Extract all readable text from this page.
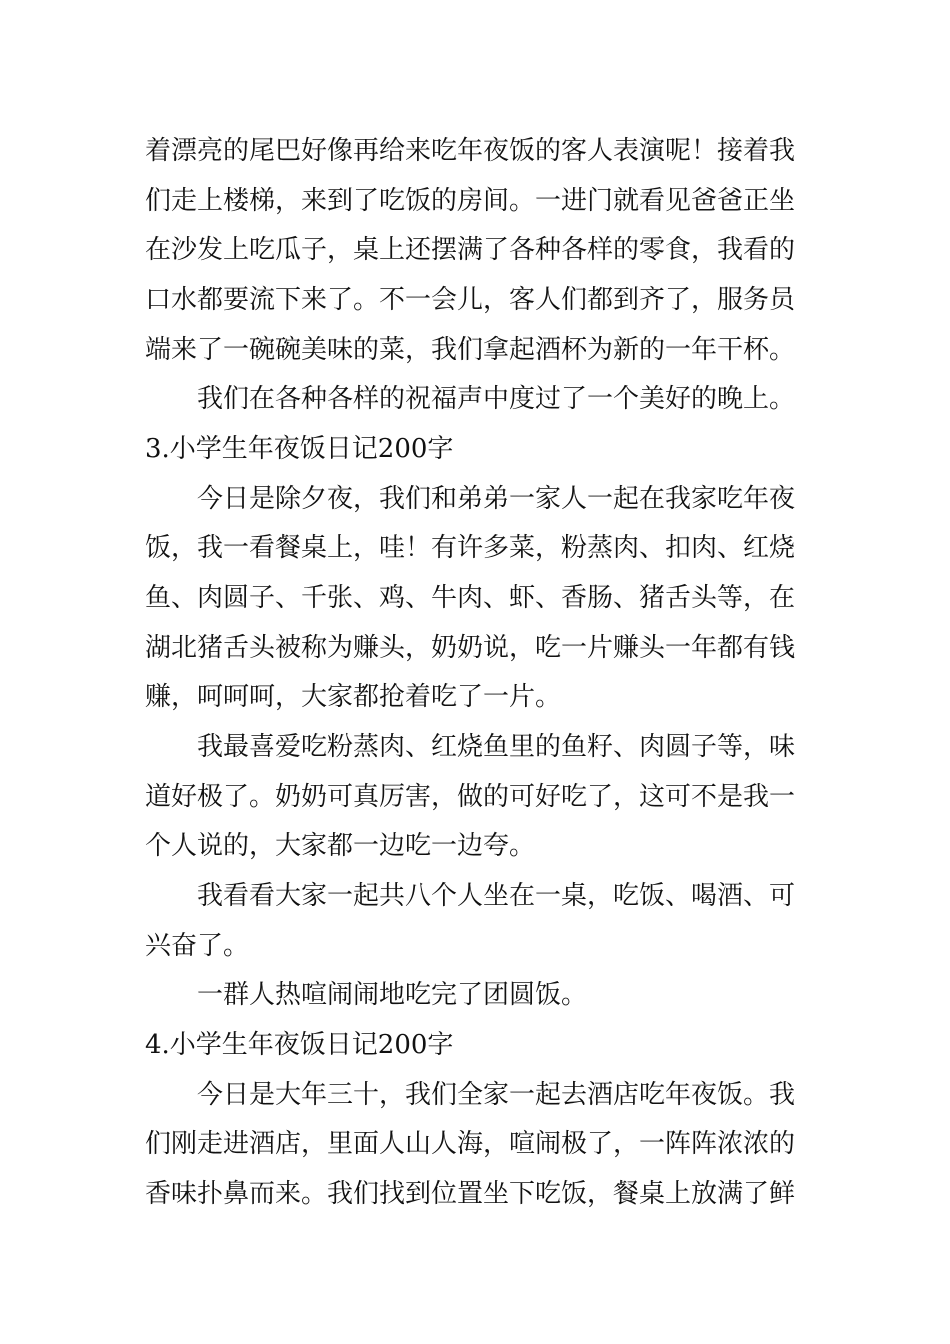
着漂亮的尾巴好像再给来吃年夜饭的客人表演呢！接着我
们走上楼梯，来到了吃饭的房间。一进门就看见爸爸正坐
在沙发上吃瓜子，桌上还摆满了各种各样的零食，我看的
口水都要流下来了。不一会儿，客人们都到齐了，服务员
端来了一碗碗美味的菜，我们拿起酒杯为新的一年干杯。
我们在各种各样的祝福声中度过了一个美好的晚上。
3.小学生年夜饭日记200字
今日是除夕夜，我们和弟弟一家人一起在我家吃年夜
饭，我一看餐桌上，哇！有许多菜，粉蒸肉、扣肉、红烧
鱼、肉圆子、千张、鸡、牛肉、虾、香肠、猪舌头等，在
湖北猪舌头被称为赚头，奶奶说，吃一片赚头一年都有钱
赚，呵呵呵，大家都抢着吃了一片。
我最喜爱吃粉蒸肉、红烧鱼里的鱼籽、肉圆子等，味
道好极了。奶奶可真厉害，做的可好吃了，这可不是我一
个人说的，大家都一边吃一边夸。
我看看大家一起共八个人坐在一桌，吃饭、喝酒、可
兴奋了。
一群人热喧闹闹地吃完了团圆饭。
4.小学生年夜饭日记200字
今日是大年三十，我们全家一起去酒店吃年夜饭。我
们刚走进酒店，里面人山人海，喧闹极了，一阵阵浓浓的
香味扑鼻而来。我们找到位置坐下吃饭，餐桌上放满了鲜
